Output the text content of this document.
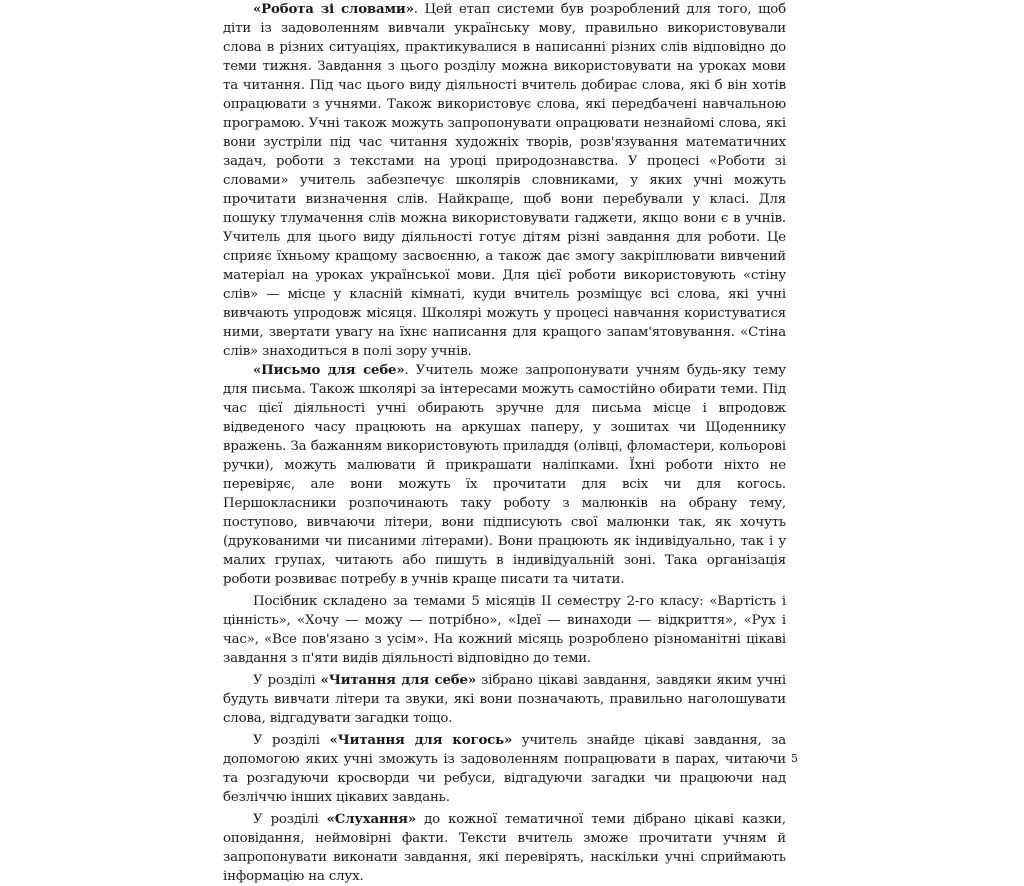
«Робота зі словами». Цей етап системи був розроблений для того, щоб діти із задоволенням вивчали українську мову, правильно використовували слова в різних ситуаціях, практикувалися в написанні різних слів відповідно до теми тижня. Завдання з цього розділу можна використовувати на уроках мови та читання. Під час цього виду діяльності вчитель добирає слова, які б він хотів опрацювати з учнями. Також використовує слова, які передбачені навчальною програмою. Учні також можуть запропонувати опрацювати незнайомі слова, які вони зустріли під час читання художніх творів, розв'язування математичних задач, роботи з текстами на уроці природознавства. У процесі «Роботи зі словами» учитель забезпечує школярів словниками, у яких учні можуть прочитати визначення слів. Найкраще, щоб вони перебували у класі. Для пошуку тлумачення слів можна використовувати гаджети, якщо вони є в учнів. Учитель для цього виду діяльності готує дітям різні завдання для роботи. Це сприяє їхньому кращому засвоєнню, а також дає змогу закріплювати вивчений матеріал на уроках української мови. Для цієї роботи використовують «стіну слів» — місце у класній кімнаті, куди вчитель розміщує всі слова, які учні вивчають упродовж місяця. Школярі можуть у процесі навчання користуватися ними, звертати увагу на їхнє написання для кращого запам'ятовування. «Стіна слів» знаходиться в полі зору учнів.

«Письмо для себе». Учитель може запропонувати учням будь-яку тему для письма. Також школярі за інтересами можуть самостійно обирати теми. Під час цієї діяльності учні обирають зручне для письма місце і впродовж відведеного часу працюють на аркушах паперу, у зошитах чи Щоденнику вражень. За бажанням використовують приладдя (олівці, фломастери, кольорові ручки), можуть малювати й прикрашати наліпками. Їхні роботи ніхто не перевіряє, але вони можуть їх прочитати для всіх чи для когось. Першокласники розпочинають таку роботу з малюнків на обрану тему, поступово, вивчаючи літери, вони підписують свої малюнки так, як хочуть (друкованими чи писаними літерами). Вони працюють як індивідуально, так і у малих групах, читають або пишуть в індивідуальній зоні. Така організація роботи розвиває потребу в учнів краще писати та читати.

Посібник складено за темами 5 місяців ІІ семестру 2-го класу: «Вартість і цінність», «Хочу — можу — потрібно», «Ідеї — винаходи — відкриття», «Рух і час», «Все пов'язано з усім». На кожний місяць розроблено різноманітні цікаві завдання з п'яти видів діяльності відповідно до теми.

У розділі «Читання для себе» зібрано цікаві завдання, завдяки яким учні будуть вивчати літери та звуки, які вони позначають, правильно наголошувати слова, відгадувати загадки тощо.

У розділі «Читання для когось» учитель знайде цікаві завдання, за допомогою яких учні зможуть із задоволенням попрацювати в парах, читаючи та розгадуючи кросворди чи ребуси, відгадуючи загадки чи працюючи над безліччю інших цікавих завдань.

У розділі «Слухання» до кожної тематичної теми дібрано цікаві казки, оповідання, неймовірні факти. Тексти вчитель зможе прочитати учням й запропонувати виконати завдання, які перевірять, наскільки учні сприймають інформацію на слух.

5
